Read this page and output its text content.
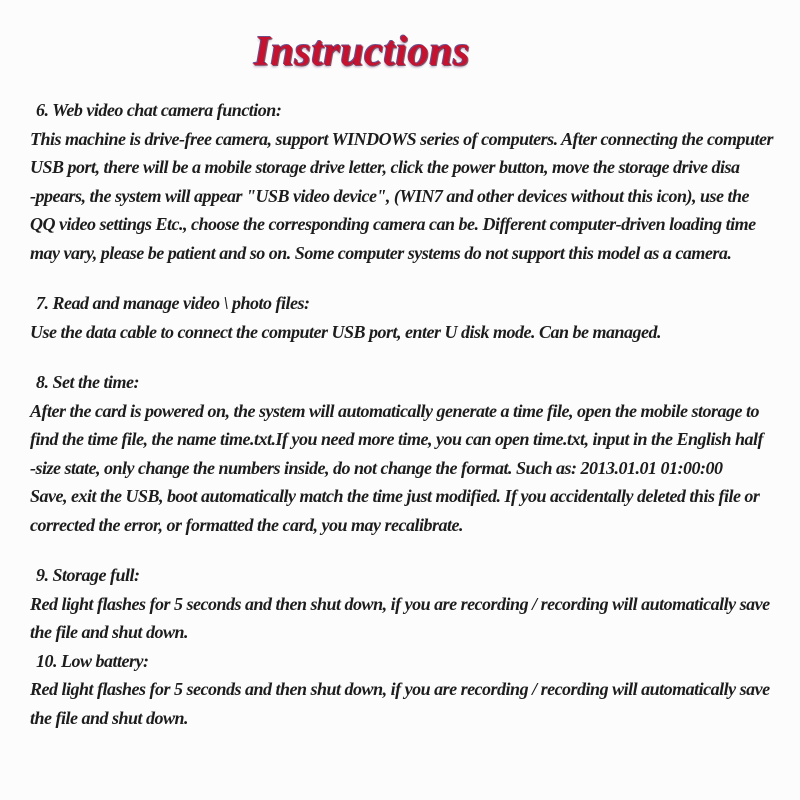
Instructions
6. Web video chat camera function:
This machine is drive-free camera, support WINDOWS series of computers. After connecting the computer
USB port, there will be a mobile storage drive letter, click the power button, move the storage drive disa
-ppears, the system will appear "USB video device", (WIN7 and other devices without this icon), use the
QQ video settings Etc., choose the corresponding camera can be. Different computer-driven loading time
may vary, please be patient and so on. Some computer systems do not support this model as a camera.
7. Read and manage video \ photo files:
Use the data cable to connect the computer USB port, enter U disk mode. Can be managed.
8. Set the time:
After the card is powered on, the system will automatically generate a time file, open the mobile storage to
find the time file, the name time.txt.If you need more time, you can open time.txt, input in the English half
-size state, only change the numbers inside, do not change the format. Such as: 2013.01.01 01:00:00
Save, exit the USB, boot automatically match the time just modified. If you accidentally deleted this file or
corrected the error, or formatted the card, you may recalibrate.
9. Storage full:
Red light flashes for 5 seconds and then shut down, if you are recording / recording will automatically save
the file and shut down.
10. Low battery:
Red light flashes for 5 seconds and then shut down, if you are recording / recording will automatically save
the file and shut down.
